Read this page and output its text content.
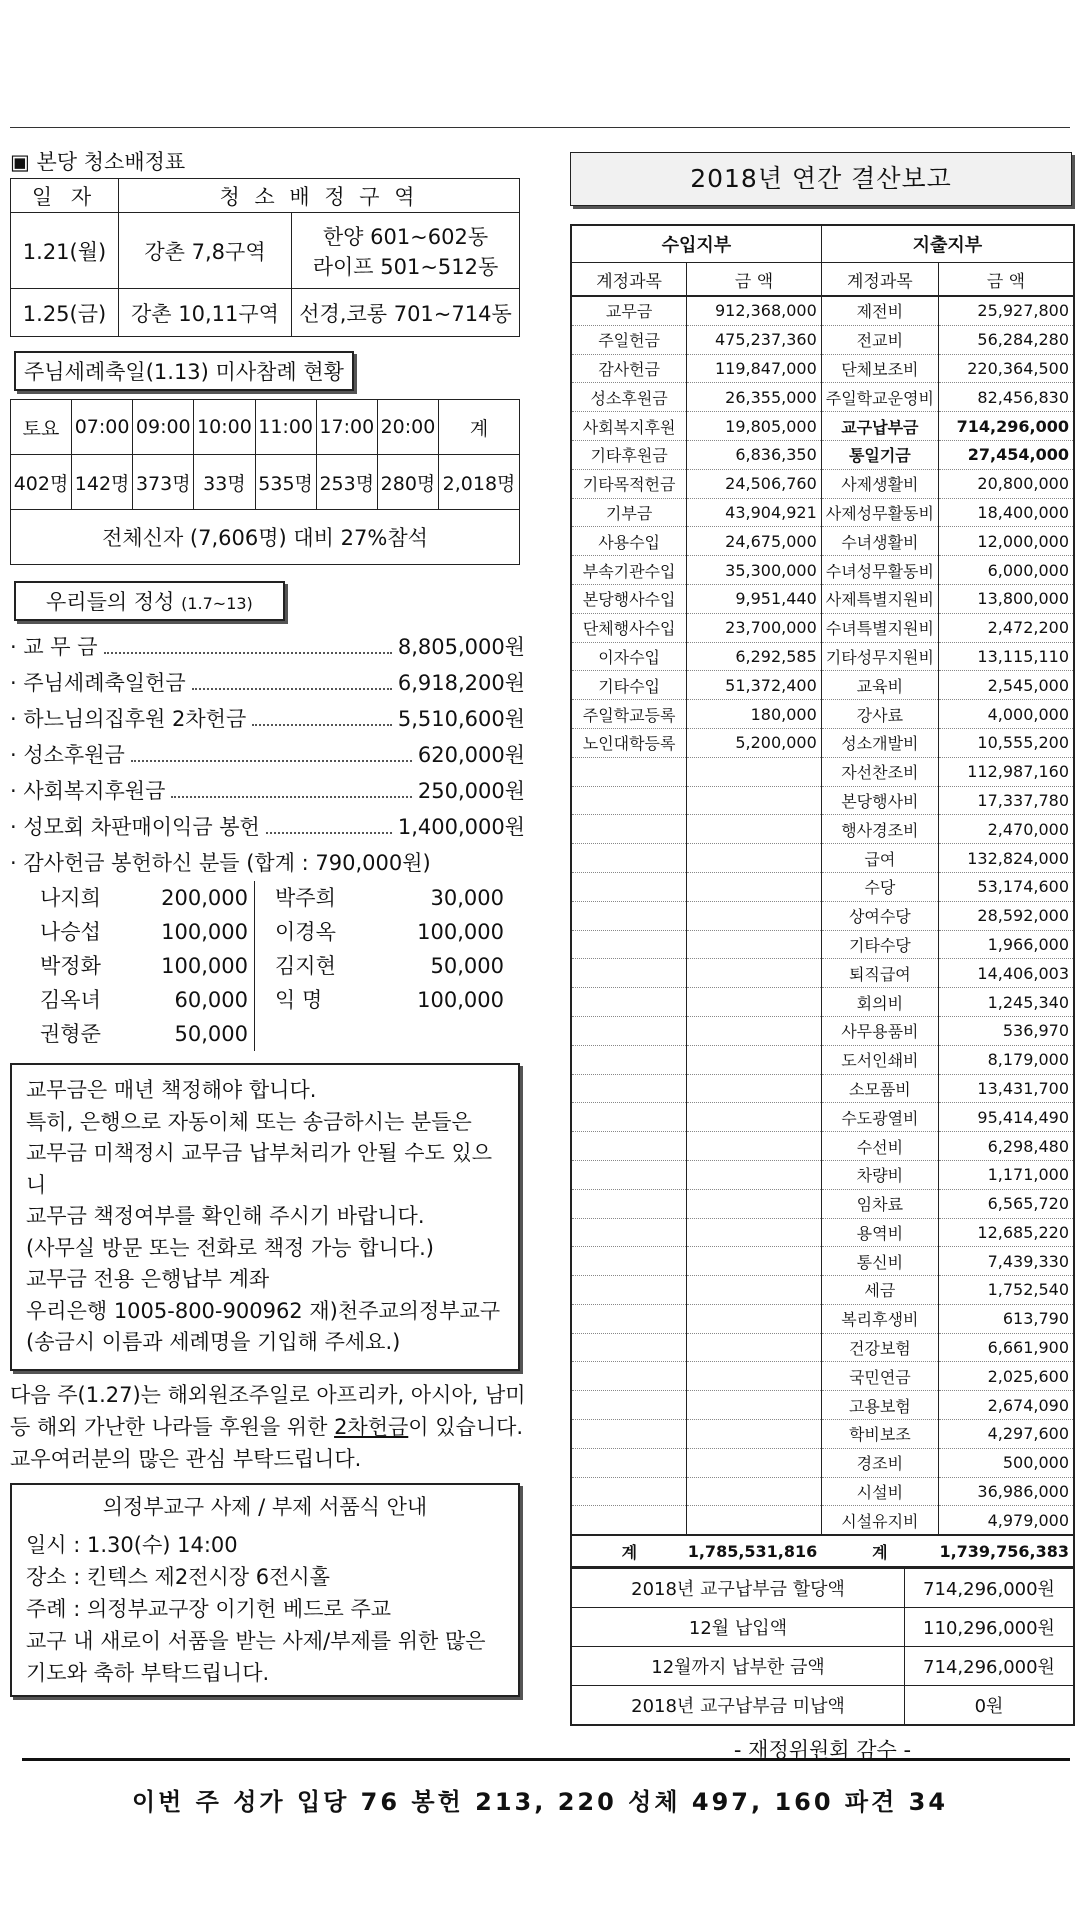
▣ 본당 청소배정표
일 자	청 소 배 정 구 역	
1.21(월)	강촌 7,8구역	한양 601~602동
라이프 501~512동

1.25(금)	강촌 10,11구역	선경,코롱 701~714동
주님세례축일(1.13) 미사참례 현황
토요	07:00	09:00	10:00	11:00	17:00	20:00	계
402명	142명	373명	33명	535명	253명	280명	2,018명
전체신자 (7,606명) 대비 27%참석							
우리들의 정성 (1.7~13)
· 교 무 금	8,805,000원
· 주님세례축일헌금	6,918,200원
· 하느님의집후원 2차헌금	5,510,600원
· 성소후원금	620,000원
· 사회복지후원금	250,000원
· 성모회 차판매이익금 봉헌	1,400,000원
· 감사헌금 봉헌하신 분들 (합계 : 790,000원)
나지희	200,000	박주희	30,000
나승섭	100,000	이경옥	100,000
박정화	100,000	김지현	50,000
김옥녀	60,000	익 명	100,000
권형준	50,000
교무금은 매년 책정해야 합니다.
특히, 은행으로 자동이체 또는 송금하시는 분들은
교무금 미책정시 교무금 납부처리가 안될 수도 있으니
교무금 책정여부를 확인해 주시기 바랍니다.
(사무실 방문 또는 전화로 책정 가능 합니다.)
교무금 전용 은행납부 계좌
우리은행 1005-800-900962 재)천주교의정부교구
(송금시 이름과 세례명을 기입해 주세요.)
다음 주(1.27)는 해외원조주일로 아프리카, 아시아, 남미 등 해외 가난한 나라들 후원을 위한 2차헌금이 있습니다. 교우여러분의 많은 관심 부탁드립니다.
의정부교구 사제 / 부제 서품식 안내
일시 : 1.30(수) 14:00
장소 : 킨텍스 제2전시장 6전시홀
주례 : 의정부교구장 이기헌 베드로 주교
교구 내 새로이 서품을 받는 사제/부제를 위한 많은
기도와 축하 부탁드립니다.
2018년 연간 결산보고
수입지부		지출지부	
계정과목	금 액	계정과목	금 액
교무금	912,368,000	제전비	25,927,800
주일헌금	475,237,360	전교비	56,284,280
감사헌금	119,847,000	단체보조비	220,364,500
성소후원금	26,355,000	주일학교운영비	82,456,830
사회복지후원	19,805,000	교구납부금	714,296,000
기타후원금	6,836,350	통일기금	27,454,000
기타목적헌금	24,506,760	사제생활비	20,800,000
기부금	43,904,921	사제성무활동비	18,400,000
사용수입	24,675,000	수녀생활비	12,000,000
부속기관수입	35,300,000	수녀성무활동비	6,000,000
본당행사수입	9,951,440	사제특별지원비	13,800,000
단체행사수입	23,700,000	수녀특별지원비	2,472,200
이자수입	6,292,585	기타성무지원비	13,115,110
기타수입	51,372,400	교육비	2,545,000
주일학교등록	180,000	강사료	4,000,000
노인대학등록	5,200,000	성소개발비	10,555,200
		자선찬조비	112,987,160
		본당행사비	17,337,780
		행사경조비	2,470,000
		급여	132,824,000
		수당	53,174,600
		상여수당	28,592,000
		기타수당	1,966,000
		퇴직급여	14,406,003
		회의비	1,245,340
		사무용품비	536,970
		도서인쇄비	8,179,000
		소모품비	13,431,700
		수도광열비	95,414,490
		수선비	6,298,480
		차량비	1,171,000
		임차료	6,565,720
		용역비	12,685,220
		통신비	7,439,330
		세금	1,752,540
		복리후생비	613,790
		건강보험	6,661,900
		국민연금	2,025,600
		고용보험	2,674,090
		학비보조	4,297,600
		경조비	500,000
		시설비	36,986,000
		시설유지비	4,979,000
계	1,785,531,816	계	1,739,756,383
2018년 교구납부금 할당액	714,296,000원
12월 납입액	110,296,000원
12월까지 납부한 금액	714,296,000원
2018년 교구납부금 미납액	0원
- 재정위원회 감수 -
이번 주 성가 입당 76 봉헌 213, 220 성체 497, 160 파견 34
